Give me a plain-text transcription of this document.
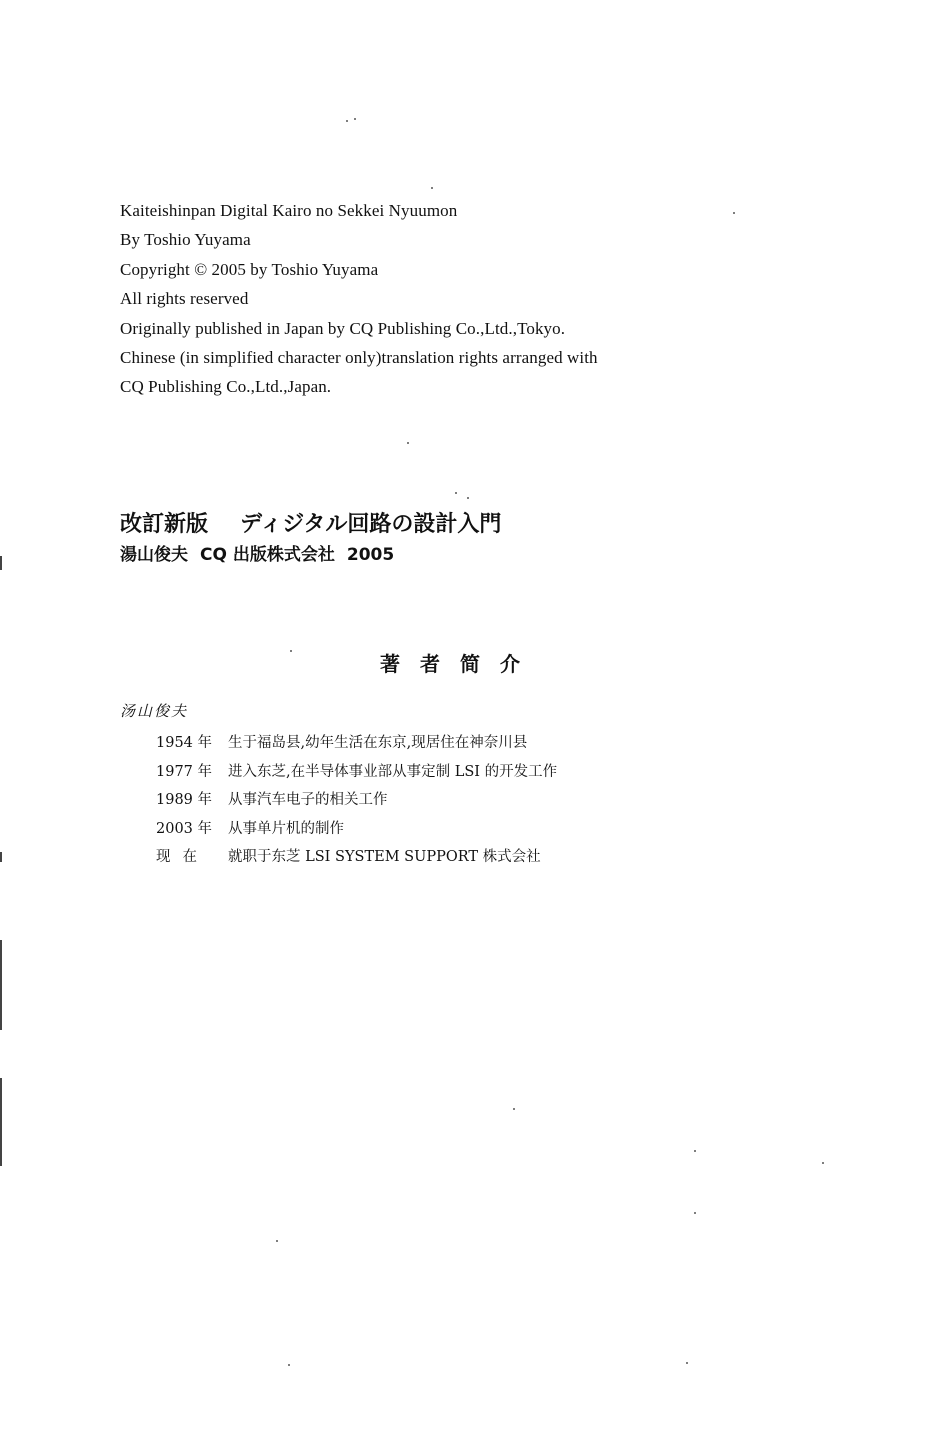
Kaiteishinpan Digital Kairo no Sekkei Nyuumon
By Toshio Yuyama
Copyright © 2005 by Toshio Yuyama
All rights reserved
Originally published in Japan by CQ Publishing Co.,Ltd.,Tokyo.
Chinese (in simplified character only)translation rights arranged with
CQ Publishing Co.,Ltd.,Japan.
改訂新版 ディジタル回路の設計入門
湯山俊夫 CQ 出版株式会社 2005
著者简介
汤山俊夫
1954 年	生于福岛县,幼年生活在东京,现居住在神奈川县
1977 年	进入东芝,在半导体事业部从事定制 LSI 的开发工作
1989 年	从事汽车电子的相关工作
2003 年	从事单片机的制作
现在	就职于东芝 LSI SYSTEM SUPPORT 株式会社
